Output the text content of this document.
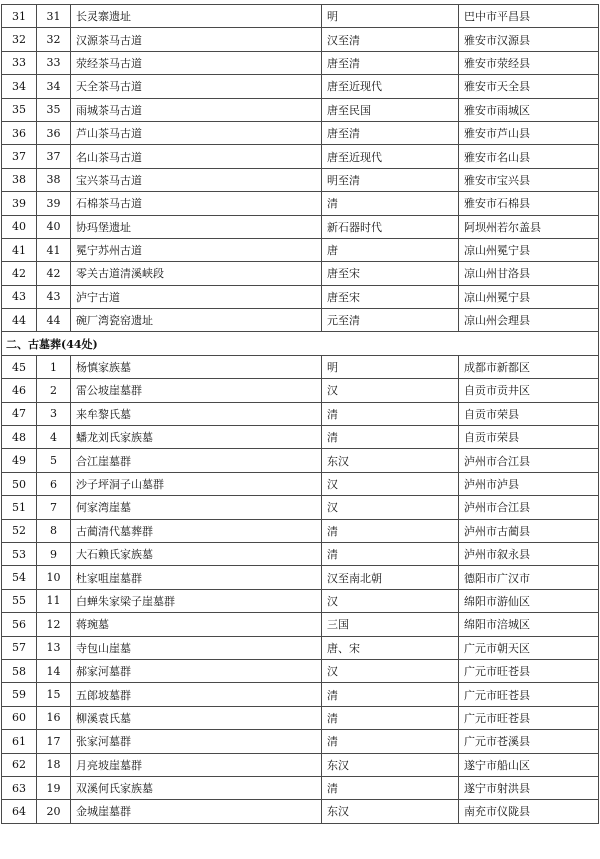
31	31	长灵寨遗址	明	巴中市平昌县
32	32	汉源茶马古道	汉至清	雅安市汉源县
33	33	荥经茶马古道	唐至清	雅安市荥经县
34	34	天全茶马古道	唐至近现代	雅安市天全县
35	35	雨城茶马古道	唐至民国	雅安市雨城区
36	36	芦山茶马古道	唐至清	雅安市芦山县
37	37	名山茶马古道	唐至近现代	雅安市名山县
38	38	宝兴茶马古道	明至清	雅安市宝兴县
39	39	石棉茶马古道	清	雅安市石棉县
40	40	协玛堡遗址	新石器时代	阿坝州若尔盖县
41	41	冕宁苏州古道	唐	凉山州冕宁县
42	42	零关古道清溪峡段	唐至宋	凉山州甘洛县
43	43	泸宁古道	唐至宋	凉山州冕宁县
44	44	碗厂湾瓷窑遗址	元至清	凉山州会理县
二、古墓葬(44处)				
45	1	杨慎家族墓	明	成都市新都区
46	2	雷公坡崖墓群	汉	自贡市贡井区
47	3	来牟黎氏墓	清	自贡市荣县
48	4	蟠龙刘氏家族墓	清	自贡市荣县
49	5	合江崖墓群	东汉	泸州市合江县
50	6	沙子坪洞子山墓群	汉	泸州市泸县
51	7	何家湾崖墓	汉	泸州市合江县
52	8	古蔺清代墓葬群	清	泸州市古蔺县
53	9	大石赖氏家族墓	清	泸州市叙永县
54	10	杜家咀崖墓群	汉至南北朝	德阳市广汉市
55	11	白蝉朱家梁子崖墓群	汉	绵阳市游仙区
56	12	蒋琬墓	三国	绵阳市涪城区
57	13	寺包山崖墓	唐、宋	广元市朝天区
58	14	郝家河墓群	汉	广元市旺苍县
59	15	五郎坡墓群	清	广元市旺苍县
60	16	柳溪袁氏墓	清	广元市旺苍县
61	17	张家河墓群	清	广元市苍溪县
62	18	月亮坡崖墓群	东汉	遂宁市船山区
63	19	双溪何氏家族墓	清	遂宁市射洪县
64	20	金城崖墓群	东汉	南充市仪陇县
